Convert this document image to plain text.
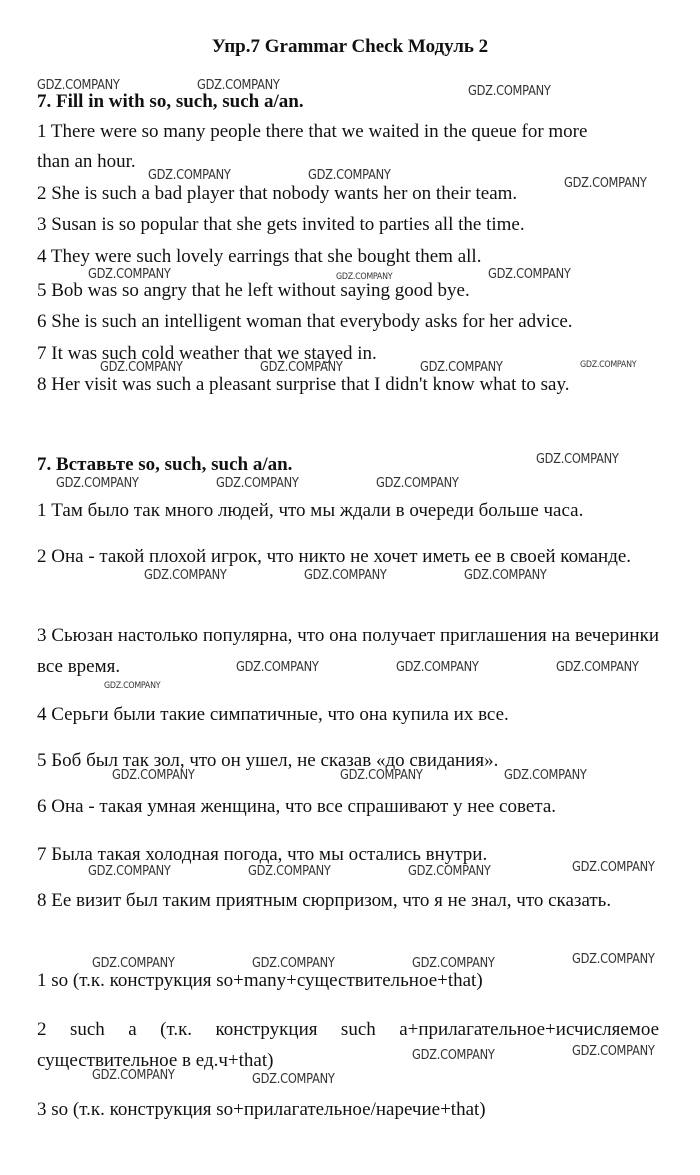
Упр.7 Grammar Check Модуль 2
7. Fill in with so, such, such a/an.
1 There were so many people there that we waited in the queue for more
than an hour.
2 She is such a bad player that nobody wants her on their team.
3 Susan is so popular that she gets invited to parties all the time.
4 They were such lovely earrings that she bought them all.
5 Bob was so angry that he left without saying good bye.
6 She is such an intelligent woman that everybody asks for her advice.
7 It was such cold weather that we stayed in.
8 Her visit was such a pleasant surprise that I didn't know what to say.
7. Вставьте so, such, such a/an.
1 Там было так много людей, что мы ждали в очереди больше часа.
2 Она - такой плохой игрок, что никто не хочет иметь ее в своей команде.
3 Сьюзан настолько популярна, что она получает приглашения на вечеринки все время.
4 Серьги были такие симпатичные, что она купила их все.
5 Боб был так зол, что он ушел, не сказав «до свидания».
6 Она - такая умная женщина, что все спрашивают у нее совета.
7 Была такая холодная погода, что мы остались внутри.
8 Ее визит был таким приятным сюрпризом, что я не знал, что сказать.
1 so (т.к. конструкция so+many+существительное+that)
2 such a (т.к. конструкция such a+прилагательное+исчисляемое существительное в ед.ч+that)
3 so (т.к. конструкция so+прилагательное/наречие+that)
GDZ.COMPANY	GDZ.COMPANY	GDZ.COMPANY
GDZ.COMPANY	GDZ.COMPANY
GDZ.COMPANY
GDZ.COMPANY	GDZ.COMPANY	GDZ.COMPANY
GDZ.COMPANY	GDZ.COMPANY	GDZ.COMPANY	GDZ.COMPANY
GDZ.COMPANY
GDZ.COMPANY	GDZ.COMPANY	GDZ.COMPANY
GDZ.COMPANY	GDZ.COMPANY	GDZ.COMPANY
GDZ.COMPANY	GDZ.COMPANY	GDZ.COMPANY
GDZ.COMPANY
GDZ.COMPANY	GDZ.COMPANY	GDZ.COMPANY
GDZ.COMPANY
GDZ.COMPANY	GDZ.COMPANY	GDZ.COMPANY
GDZ.COMPANY	GDZ.COMPANY	GDZ.COMPANY	GDZ.COMPANY
GDZ.COMPANY	GDZ.COMPANY
GDZ.COMPANY	GDZ.COMPANY
